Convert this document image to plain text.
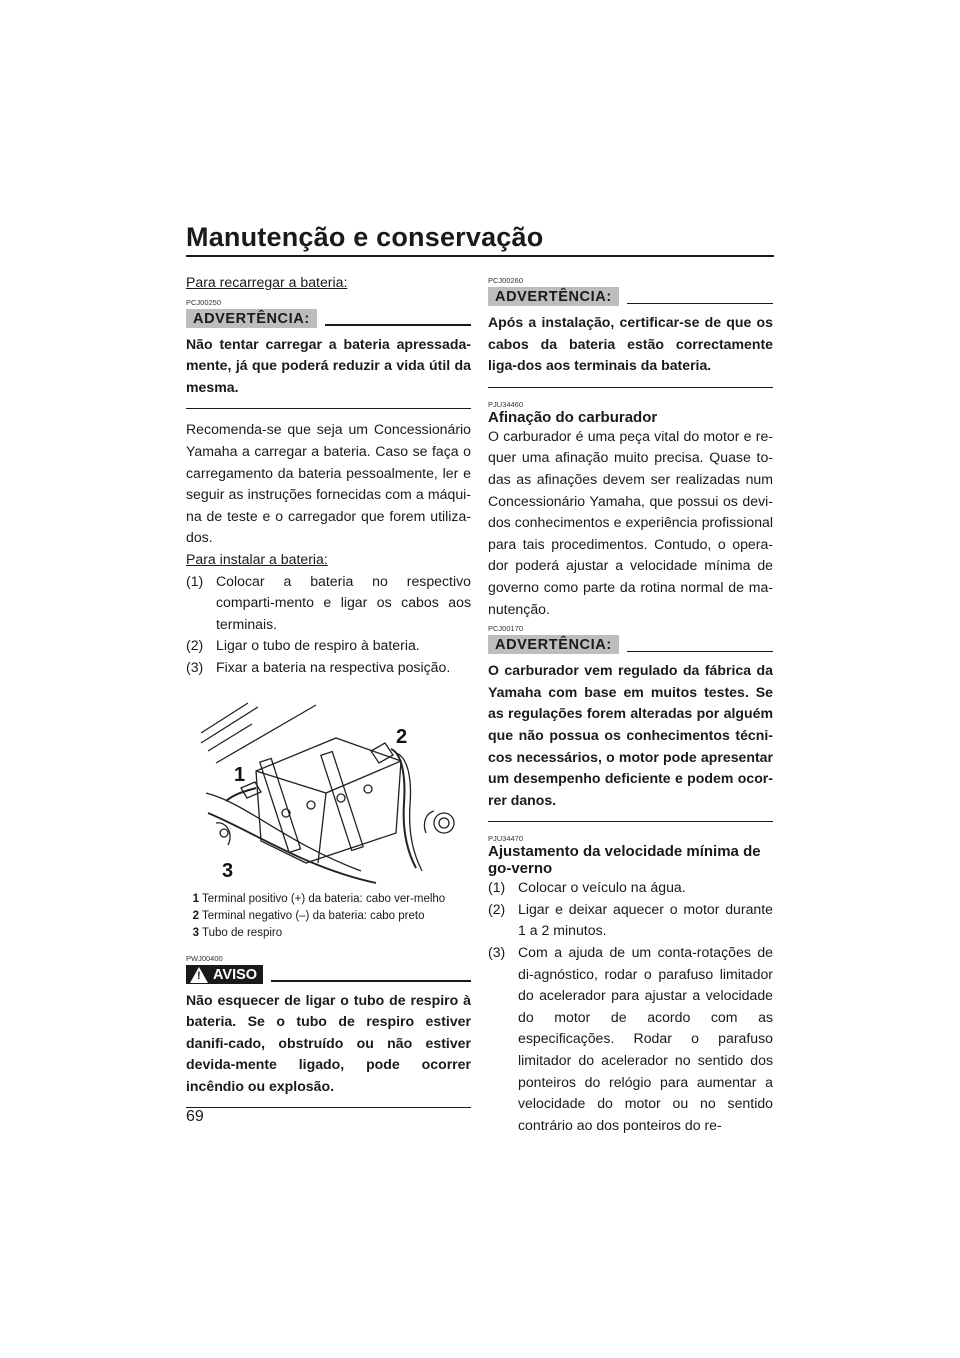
Manutenção e conservação
Para recarregar a bateria:
PCJ00250
ADVERTÊNCIA:
Não tentar carregar a bateria apressada-mente, já que poderá reduzir a vida útil da mesma.

Recomenda-se que seja um Concessionário Yamaha a carregar a bateria. Caso se faça o carregamento da bateria pessoalmente, ler e seguir as instruções fornecidas com a máqui-na de teste e o carregador que forem utiliza-dos.

Para instalar a bateria:
(1) Colocar a bateria no respectivo comparti-mento e ligar os cabos aos terminais.
(2) Ligar o tubo de respiro à bateria.
(3) Fixar a bateria na respectiva posição.
2
1
3
1 Terminal positivo (+) da bateria: cabo ver-melho
2 Terminal negativo (–) da bateria: cabo preto
3 Tubo de respiro
PWJ00400
! AVISO
Não esquecer de ligar o tubo de respiro à bateria. Se o tubo de respiro estiver danifi-cado, obstruído ou não estiver devida-mente ligado, pode ocorrer incêndio ou explosão.
PCJ00260
ADVERTÊNCIA:
Após a instalação, certificar-se de que os cabos da bateria estão correctamente liga-dos aos terminais da bateria.
PJU34460
Afinação do carburador

O carburador é uma peça vital do motor e re-quer uma afinação muito precisa. Quase to-das as afinações devem ser realizadas num Concessionário Yamaha, que possui os devi-dos conhecimentos e experiência profissional para tais procedimentos. Contudo, o opera-dor poderá ajustar a velocidade mínima de governo como parte da rotina normal de ma-nutenção.

PCJ00170
ADVERTÊNCIA:
O carburador vem regulado da fábrica da Yamaha com base em muitos testes. Se as regulações forem alteradas por alguém que não possua os conhecimentos técni-cos necessários, o motor pode apresentar um desempenho deficiente e podem ocor-rer danos.
PJU34470
Ajustamento da velocidade mínima de go-verno
(1) Colocar o veículo na água.
(2) Ligar e deixar aquecer o motor durante 1 a 2 minutos.
(3) Com a ajuda de um conta-rotações de di-agnóstico, rodar o parafuso limitador do acelerador para ajustar a velocidade do motor de acordo com as especificações. Rodar o parafuso limitador do acelerador no sentido dos ponteiros do relógio para aumentar a velocidade do motor ou no sentido contrário ao dos ponteiros do re-
69
